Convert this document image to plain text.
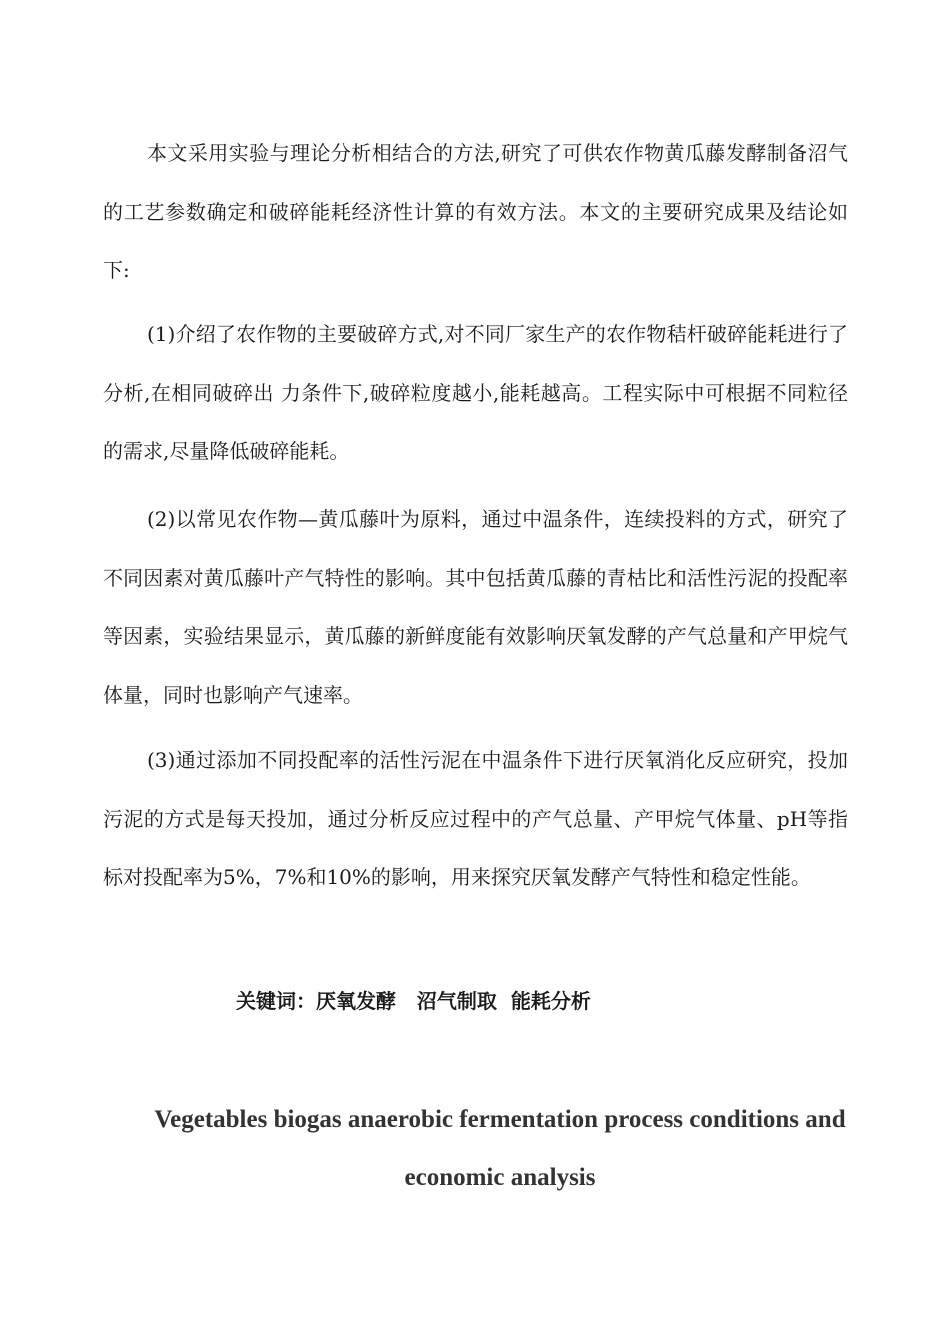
本文采用实验与理论分析相结合的方法,研究了可供农作物黄瓜藤发酵制备沼气的工艺参数确定和破碎能耗经济性计算的有效方法。本文的主要研究成果及结论如下:

(1)介绍了农作物的主要破碎方式,对不同厂家生产的农作物秸杆破碎能耗进行了分析,在相同破碎出 力条件下,破碎粒度越小,能耗越高。工程实际中可根据不同粒径的需求,尽量降低破碎能耗。

(2)以常见农作物—黄瓜藤叶为原料，通过中温条件，连续投料的方式，研究了不同因素对黄瓜藤叶产气特性的影响。其中包括黄瓜藤的青枯比和活性污泥的投配率等因素，实验结果显示，黄瓜藤的新鲜度能有效影响厌氧发酵的产气总量和产甲烷气体量，同时也影响产气速率。

(3)通过添加不同投配率的活性污泥在中温条件下进行厌氧消化反应研究，投加污泥的方式是每天投加，通过分析反应过程中的产气总量、产甲烷气体量、pH等指标对投配率为5%，7%和10%的影响，用来探究厌氧发酵产气特性和稳定性能。

关键词：厌氧发酵   沼气制取  能耗分析

Vegetables biogas anaerobic fermentation process conditions and economic analysis
